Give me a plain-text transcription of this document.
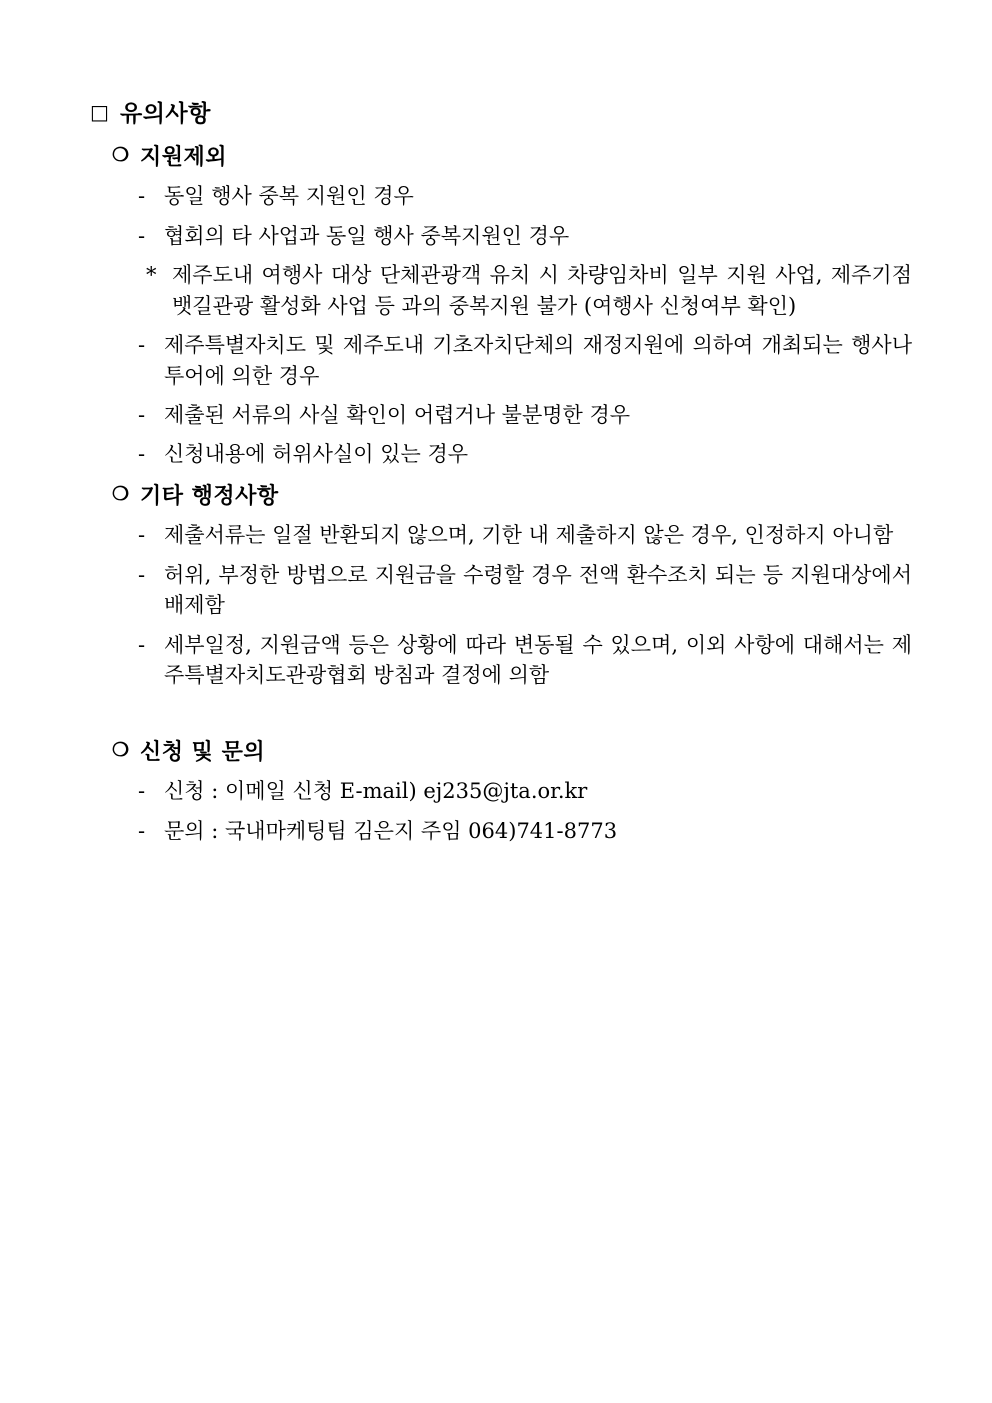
□ 유의사항
❍ 지원제외
- 동일 행사 중복 지원인 경우
- 협회의 타 사업과 동일 행사 중복지원인 경우
* 제주도내 여행사 대상 단체관광객 유치 시 차량임차비 일부 지원 사업, 제주기점 뱃길관광 활성화 사업 등 과의 중복지원 불가 (여행사 신청여부 확인)
- 제주특별자치도 및 제주도내 기초자치단체의 재정지원에 의하여 개최되는 행사나 투어에 의한 경우
- 제출된 서류의 사실 확인이 어렵거나 불분명한 경우
- 신청내용에 허위사실이 있는 경우
❍ 기타 행정사항
- 제출서류는 일절 반환되지 않으며, 기한 내 제출하지 않은 경우, 인정하지 아니함
- 허위, 부정한 방법으로 지원금을 수령할 경우 전액 환수조치 되는 등 지원대상에서 배제함
- 세부일정, 지원금액 등은 상황에 따라 변동될 수 있으며, 이외 사항에 대해서는 제주특별자치도관광협회 방침과 결정에 의함
❍ 신청 및 문의
- 신청 : 이메일 신청 E-mail) ej235@jta.or.kr
- 문의 : 국내마케팅팀 김은지 주임 064)741-8773
